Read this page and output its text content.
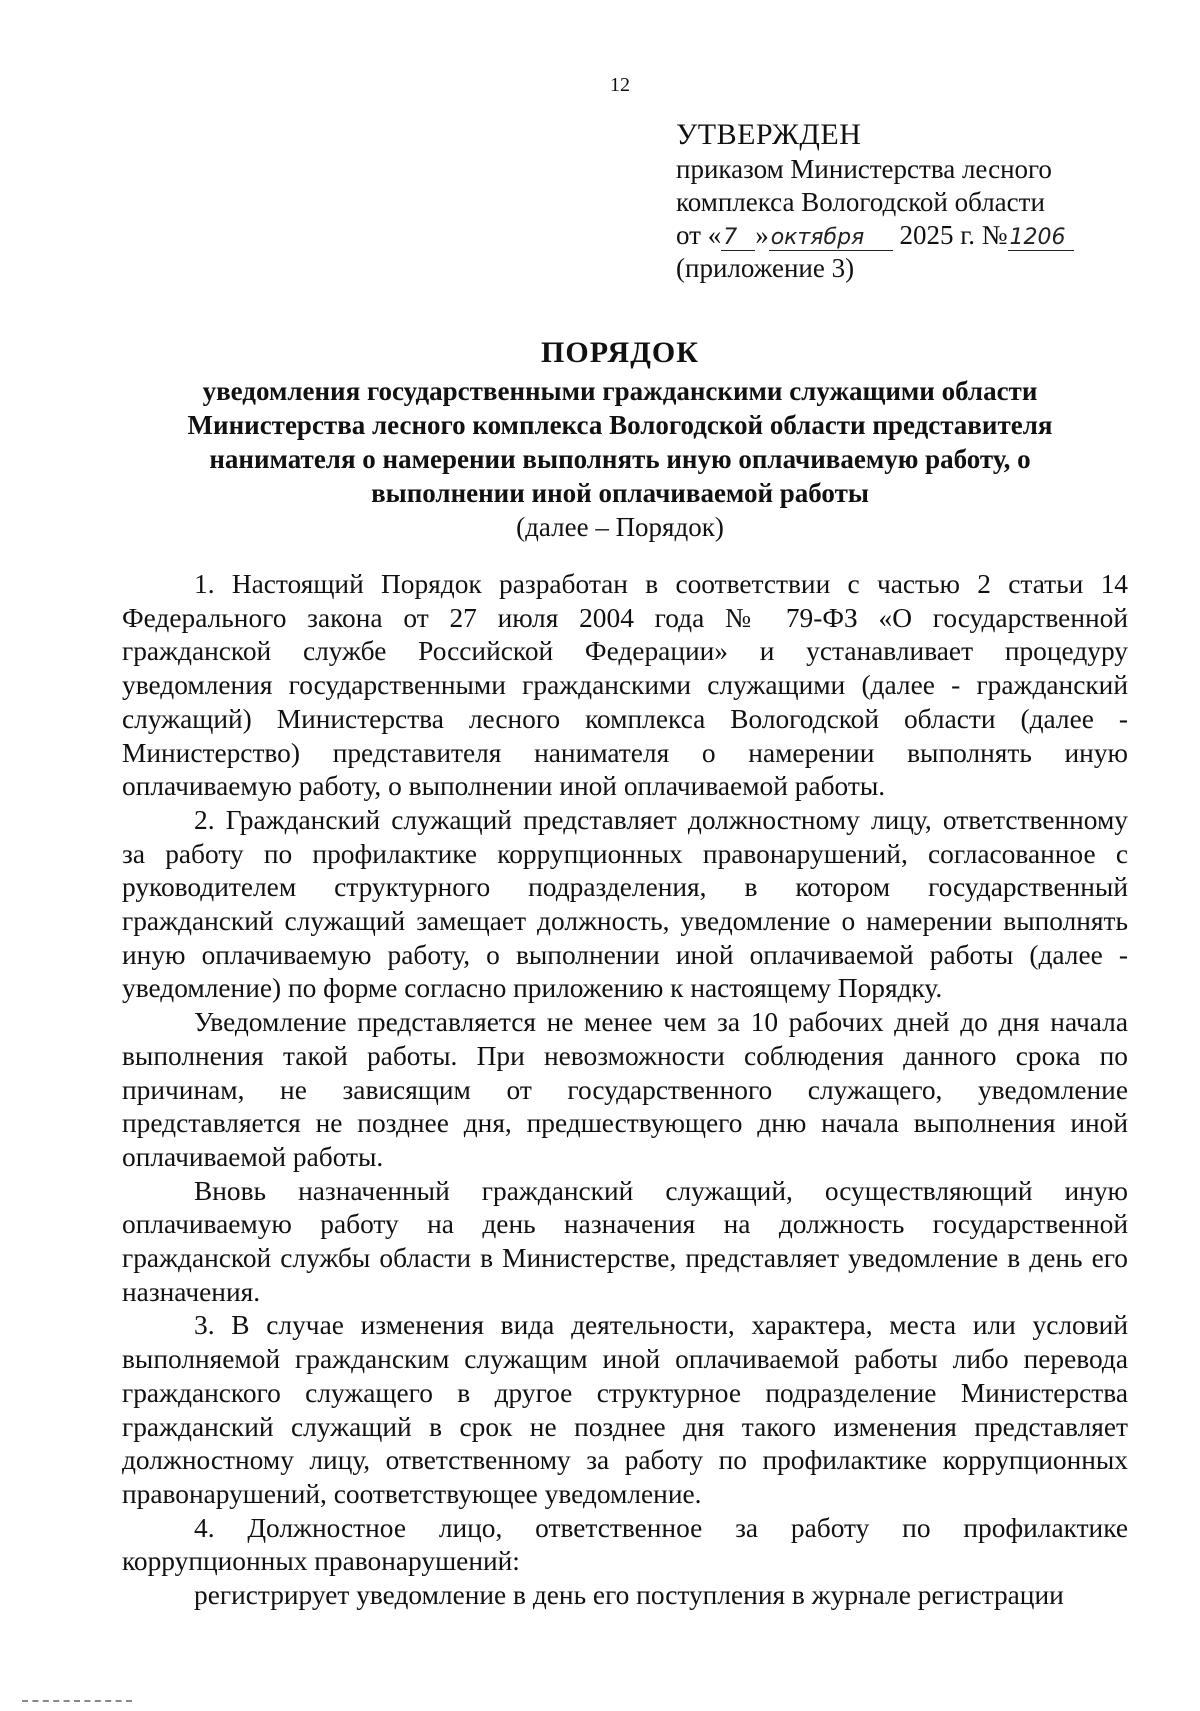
12
УТВЕРЖДЕН
приказом Министерства лесного
комплекса Вологодской области
от «7 »октября 2025 г. №1206
(приложение 3)
ПОРЯДОК
уведомления государственными гражданскими служащими области
Министерства лесного комплекса Вологодской области представителя
нанимателя о намерении выполнять иную оплачиваемую работу, о
выполнении иной оплачиваемой работы
(далее – Порядок)

1. Настоящий Порядок разработан в соответствии с частью 2 статьи 14 Федерального закона от 27 июля 2004 года № 79-ФЗ «О государственной гражданской службе Российской Федерации» и устанавливает процедуру уведомления государственными гражданскими служащими (далее - гражданский служащий) Министерства лесного комплекса Вологодской области (далее - Министерство) представителя нанимателя о намерении выполнять иную оплачиваемую работу, о выполнении иной оплачиваемой работы.

2. Гражданский служащий представляет должностному лицу, ответственному за работу по профилактике коррупционных правонарушений, согласованное с руководителем структурного подразделения, в котором государственный гражданский служащий замещает должность, уведомление о намерении выполнять иную оплачиваемую работу, о выполнении иной оплачиваемой работы (далее - уведомление) по форме согласно приложению к настоящему Порядку.

Уведомление представляется не менее чем за 10 рабочих дней до дня начала выполнения такой работы. При невозможности соблюдения данного срока по причинам, не зависящим от государственного служащего, уведомление представляется не позднее дня, предшествующего дню начала выполнения иной оплачиваемой работы.

Вновь назначенный гражданский служащий, осуществляющий иную оплачиваемую работу на день назначения на должность государственной гражданской службы области в Министерстве, представляет уведомление в день его назначения.

3. В случае изменения вида деятельности, характера, места или условий выполняемой гражданским служащим иной оплачиваемой работы либо перевода гражданского служащего в другое структурное подразделение Министерства гражданский служащий в срок не позднее дня такого изменения представляет должностному лицу, ответственному за работу по профилактике коррупционных правонарушений, соответствующее уведомление.

4. Должностное лицо, ответственное за работу по профилактике коррупционных правонарушений:

регистрирует уведомление в день его поступления в журнале регистрации
